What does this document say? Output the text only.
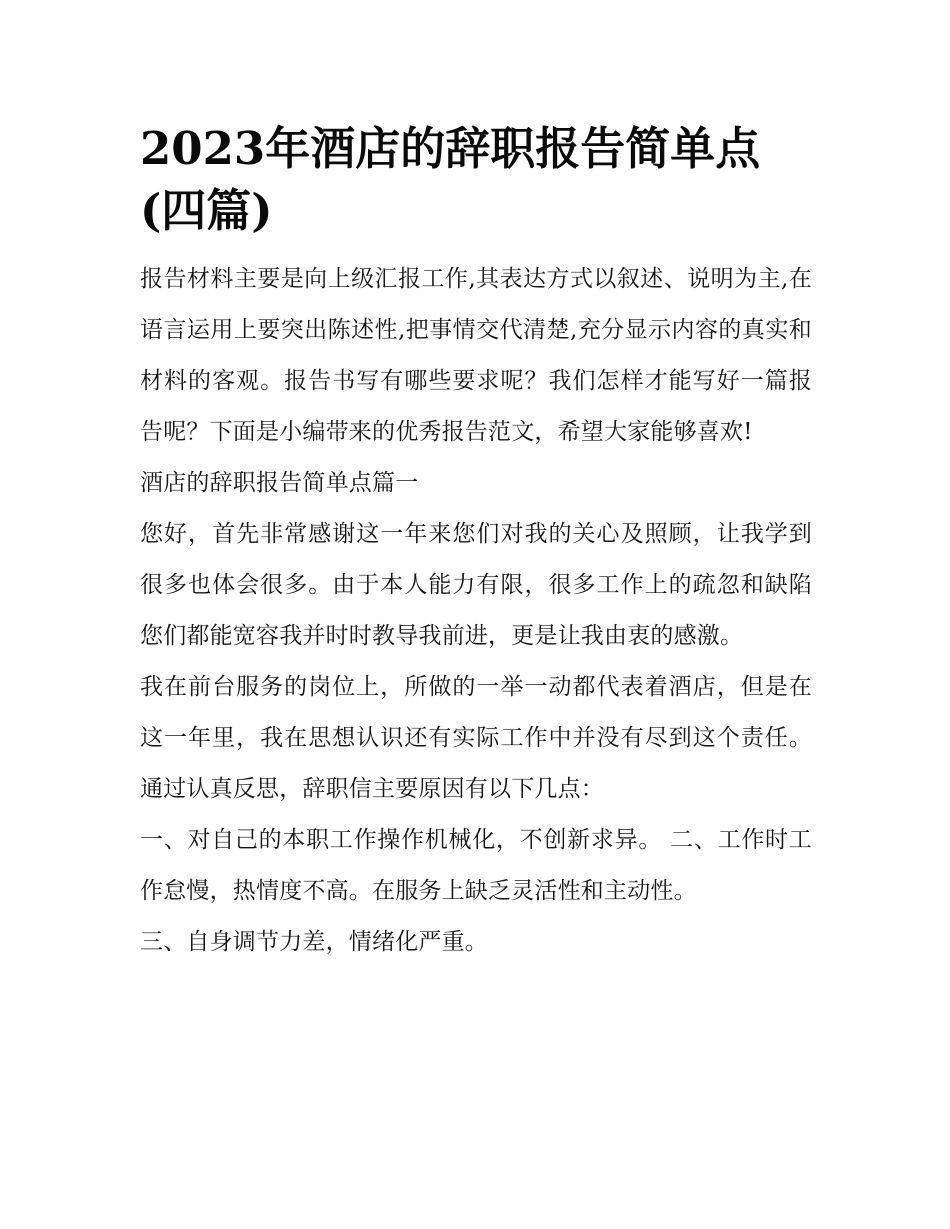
2023年酒店的辞职报告简单点(四篇)

报告材料主要是向上级汇报工作,其表达方式以叙述、说明为主,在语言运用上要突出陈述性,把事情交代清楚,充分显示内容的真实和材料的客观。报告书写有哪些要求呢？我们怎样才能写好一篇报告呢？下面是小编带来的优秀报告范文，希望大家能够喜欢!

酒店的辞职报告简单点篇一

您好，首先非常感谢这一年来您们对我的关心及照顾，让我学到很多也体会很多。由于本人能力有限，很多工作上的疏忽和缺陷您们都能宽容我并时时教导我前进，更是让我由衷的感激。

我在前台服务的岗位上，所做的一举一动都代表着酒店，但是在这一年里，我在思想认识还有实际工作中并没有尽到这个责任。通过认真反思，辞职信主要原因有以下几点：

一、对自己的本职工作操作机械化，不创新求异。 二、工作时工作怠慢，热情度不高。在服务上缺乏灵活性和主动性。

三、自身调节力差，情绪化严重。
